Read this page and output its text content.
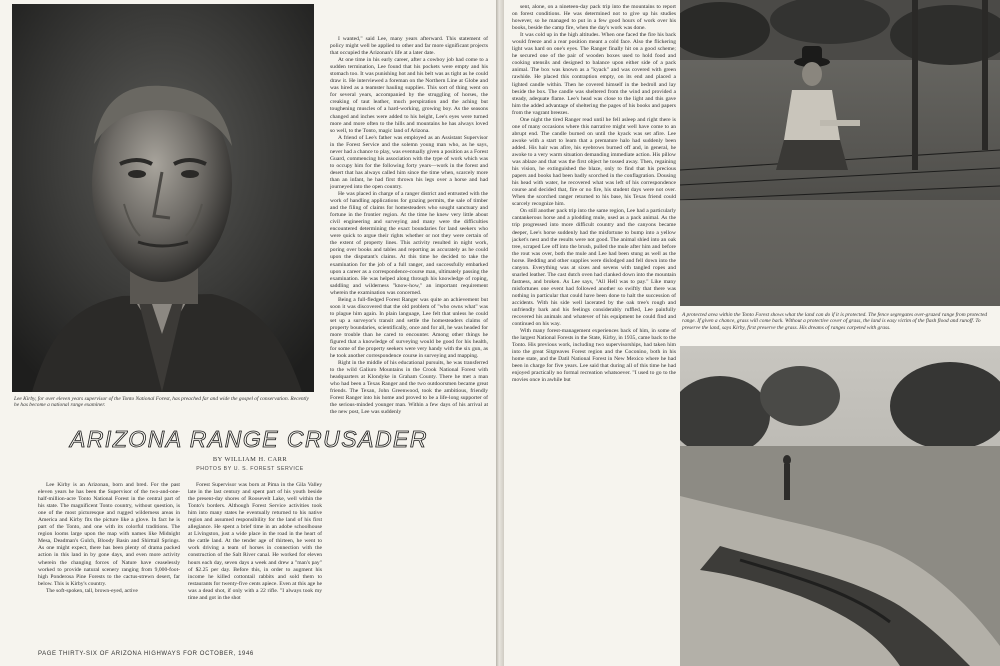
Lee Kirby, for over eleven years supervisor of the Tonto National Forest, has preached far and wide the gospel of conservation. Recently he has become a national range examiner.

I wanted," said Lee, many years afterward. This statement of policy might well be applied to other and far more significant projects that occupied the Arizonan's life at a later date.

At one time in his early career, after a cowboy job had come to a sudden termination, Lee found that his pockets were empty and his stomach too. It was punishing hot and his belt was as tight as he could draw it. He interviewed a foreman on the Northern Line at Globe and was hired as a teamster hauling supplies. This sort of thing went on for several years, accompanied by the struggling of horses, the creaking of taut leather, much perspiration and the aching but toughening muscles of a hard-working, growing boy. As the seasons changed and inches were added to his height, Lee's eyes were turned more and more often to the hills and mountains he has always loved so well, to the Tonto, magic land of Arizona.

A friend of Lee's father was employed as an Assistant Supervisor in the Forest Service and the solemn young man who, as he says, never had a chance to play, was eventually given a position as a Forest Guard, commencing his association with the type of work which was to occupy him for the following forty years—work in the forest and desert that has always called him since the time when, scarcely more than an infant, he had first thrown his legs over a horse and had journeyed into the open country.

He was placed in charge of a ranger district and entrusted with the work of handling applications for grazing permits, the sale of timber and the filing of claims for homesteaders who sought sanctuary and fortune in the frontier region. At the time he knew very little about civil engineering and surveying and many were the difficulties encountered determining the exact boundaries for land seekers who were quick to argue their rights whether or not they were certain of the extent of property lines. This activity resulted in night work, poring over books and tables and reporting as accurately as he could upon the disputant's claims. At this time he decided to take the examination for the job of a full ranger, and successfully embarked upon a career as a correspondence-course man, ultimately passing the examination. He was helped along through his knowledge of roping, saddling and wilderness "know-how," an important requirement wherein the examination was concerned.

Being a full-fledged Forest Ranger was quite an achievement but soon it was discovered that the old problem of "who owns what" was to plague him again. In plain language, Lee felt that unless he could set up a surveyor's transit and settle the homesteaders claims of property boundaries, scientifically, once and for all, he was headed for more trouble than he cared to encounter. Among other things he figured that a knowledge of surveying would be good for his health, for some of the property seekers were very handy with the six gun, as he took another correspondence course in surveying and mapping.

Right in the middle of his educational pursuits, he was transferred to the wild Galiuro Mountains in the Crook National Forest with headquarters at Klondyke in Graham County. There he met a man who had been a Texas Ranger and the two outdoorsmen became great friends. The Texan, John Greenwood, took the ambitious, friendly Forest Ranger into his home and proved to be a life-long supporter of the serious-minded younger man. Within a few days of his arrival at the new post, Lee was suddenly

ARIZONA RANGE CRUSADER
BY WILLIAM H. CARR
PHOTOS BY U. S. FOREST SERVICE

Lee Kirby is an Arizonan, born and bred. For the past eleven years he has been the Supervisor of the two-and-one-half-million-acre Tonto National Forest in the central part of his state. The magnificent Tonto country, without question, is one of the most picturesque and rugged wilderness areas in America and Kirby fits the picture like a glove. In fact he is part of the Tonto, and one with its colorful traditions. The region looms large upon the map with names like Midnight Mesa, Deadman's Gulch, Bloody Basin and Shirttail Springs. As one might expect, there has been plenty of drama packed action in this land in by gone days, and even more activity wherein the changing forces of Nature have ceaselessly worked to provide natural scenery ranging from 9,000-foot-high Ponderosa Pine Forests to the cactus-strewn desert, far below. This is Kirby's country.

The soft-spoken, tall, brown-eyed, active

Forest Supervisor was born at Pima in the Gila Valley late in the last century and spent part of his youth beside the present-day shores of Roosevelt Lake, well within the Tonto's borders. Although Forest Service activities took him into many states he eventually returned to his native region and assumed responsibility for the land of his first allegiance. He spent a brief time in an adobe schoolhouse at Livingston, just a wide place in the road in the heart of the cattle land. At the tender age of thirteen, he went to work driving a team of horses in connection with the construction of the Salt River canal. He worked for eleven hours each day, seven days a week and drew a "man's pay" of $2.25 per day. Before this, in order to augment his income he killed cottontail rabbits and sold them to restaurants for twenty-five cents apiece. Even at this age he was a dead shot, if only with a 22 rifle. "I always took my time and got in the shot

PAGE THIRTY-SIX OF ARIZONA HIGHWAYS FOR OCTOBER, 1946

sent, alone, on a nineteen-day pack trip into the mountains to report on forest conditions. He was determined not to give up his studies however, so he managed to put in a few good hours of work over his books, beside the camp fire, when the day's work was done.

It was cold up in the high altitudes. When one faced the fire his back would freeze and a rear position meant a cold face. Also the flickering light was hard on one's eyes. The Ranger finally hit on a good scheme; he secured one of the pair of wooden boxes used to hold food and cooking utensils and designed to balance upon either side of a pack animal. The box was known as a "kyack" and was covered with green rawhide. He placed this contraption empty, on its end and placed a lighted candle within. Then he covered himself in the bedroll and lay beside the box. The candle was sheltered from the wind and provided a steady, adequate flame. Lee's head was close to the light and this gave him the added advantage of sheltering the pages of his books and papers from the vagrant breezes.

One night the tired Ranger read until he fell asleep and right there is one of many occasions where this narrative might well have come to an abrupt end. The candle burned on until the kyack was set afire. Lee awoke with a start to learn that a premature halo had suddenly been added. His hair was afire, his eyebrows burned off and, in general, he awoke to a very warm situation demanding immediate action. His pillow was ablaze and that was the first object he tossed away. Then, regaining his vision, he extinguished the blaze, only to find that his precious papers and books had been badly scorched in the conflagration. Dousing his head with water, he recovered what was left of his correspondence course and decided that, fire or no fire, his student days were not over. When the scorched ranger returned to his base, his Texas friend could scarcely recognize him.

On still another pack trip into the same region, Lee had a particularly cantankerous horse and a plodding mule, used as a pack animal. As the trip progressed into more difficult country and the canyons became deeper, Lee's horse suddenly had the misfortune to bump into a yellow jacket's nest and the results were not good. The animal shied into an oak tree, scraped Lee off into the brush, pulled the mule after him and before the rout was over, both the mule and Lee had been stung as well as the horse. Bedding and other supplies were dislodged and fell down into the canyon. Everything was at sixes and sevens with tangled ropes and snarled leather. The cast dutch oven had clanked down into the mountain fastness, and broken. As Lee says, "All Hell was to pay." Like many misfortunes one event had followed another so swiftly that there was nothing in particular that could have been done to halt the succession of accidents. With his side well lacerated by the oak tree's rough and unfriendly bark and his feelings considerably ruffled, Lee painfully recovered his animals and whatever of his equipment he could find and continued on his way.

With many forest-management experiences back of him, in some of the largest National Forests in the State, Kirby, in 1935, came back to the Tonto. His previous work, including two supervisorships, had taken him into the great Sitgreaves Forest region and the Coconino, both in his home state, and the Datil National Forest in New Mexico where he had been in charge for five years. Lee said that during all of this time he had enjoyed practically no formal recreation whatsoever. "I used to go to the movies once in awhile but

A protected area within the Tonto Forest shows what the land can do if it is protected. The fence segregates over-grazed range from protected range. If given a chance, grass will come back. Without a protective cover of grass, the land is easy victim of the flash flood and runoff. To preserve the land, says Kirby, first preserve the grass. His dreams of ranges carpeted with grass.
